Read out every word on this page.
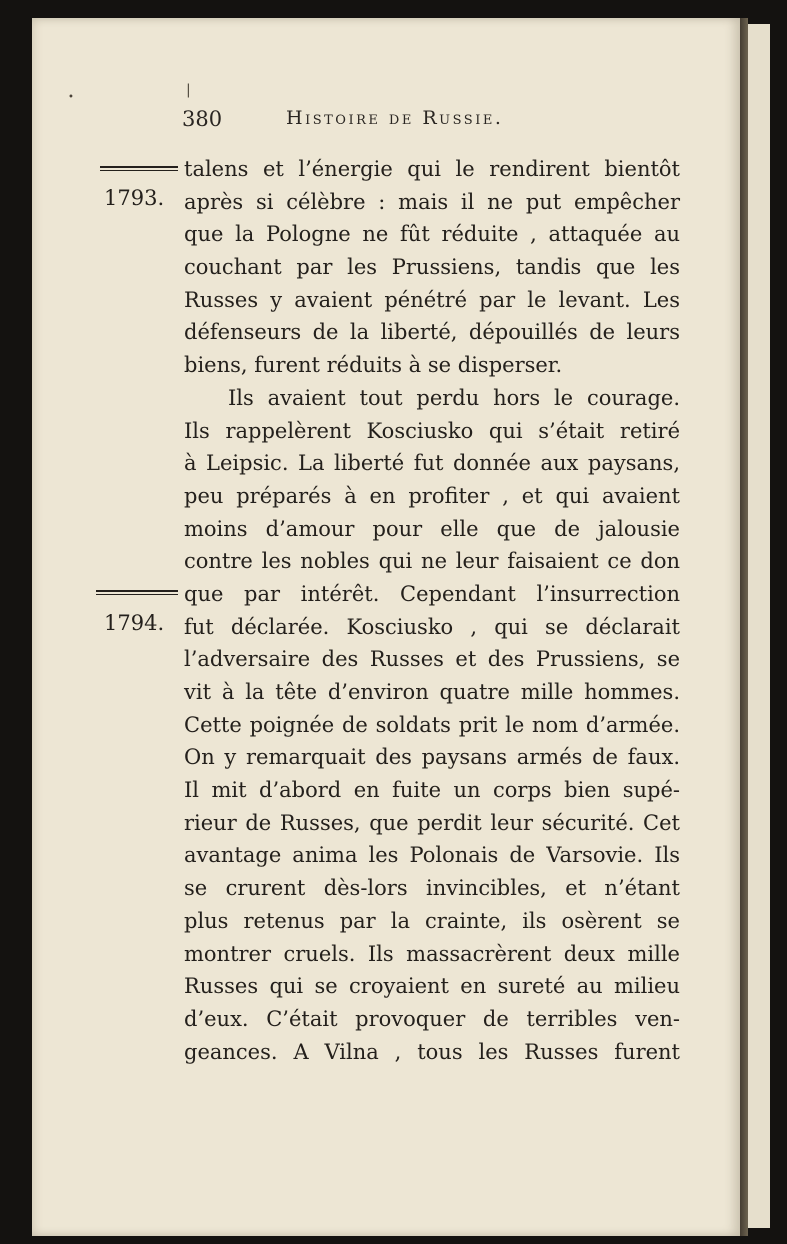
|
•
380	Histoire de Russie.
1793.
1794.
talens et l’énergie qui le rendirent bientôt
après si célèbre : mais il ne put empêcher
que la Pologne ne fût réduite , attaquée au
couchant par les Prussiens, tandis que les
Russes y avaient pénétré par le levant. Les
défenseurs de la liberté, dépouillés de leurs
biens, furent réduits à se disperser.
Ils avaient tout perdu hors le courage.
Ils rappelèrent Kosciusko qui s’était retiré
à Leipsic. La liberté fut donnée aux paysans,
peu préparés à en profiter , et qui avaient
moins d’amour pour elle que de jalousie
contre les nobles qui ne leur faisaient ce don
que par intérêt. Cependant l’insurrection
fut déclarée. Kosciusko , qui se déclarait
l’adversaire des Russes et des Prussiens, se
vit à la tête d’environ quatre mille hommes.
Cette poignée de soldats prit le nom d’armée.
On y remarquait des paysans armés de faux.
Il mit d’abord en fuite un corps bien supé-
rieur de Russes, que perdit leur sécurité. Cet
avantage anima les Polonais de Varsovie. Ils
se crurent dès-lors invincibles, et n’étant
plus retenus par la crainte, ils osèrent se
montrer cruels. Ils massacrèrent deux mille
Russes qui se croyaient en sureté au milieu
d’eux. C’était provoquer de terribles ven-
geances. A Vilna , tous les Russes furent
